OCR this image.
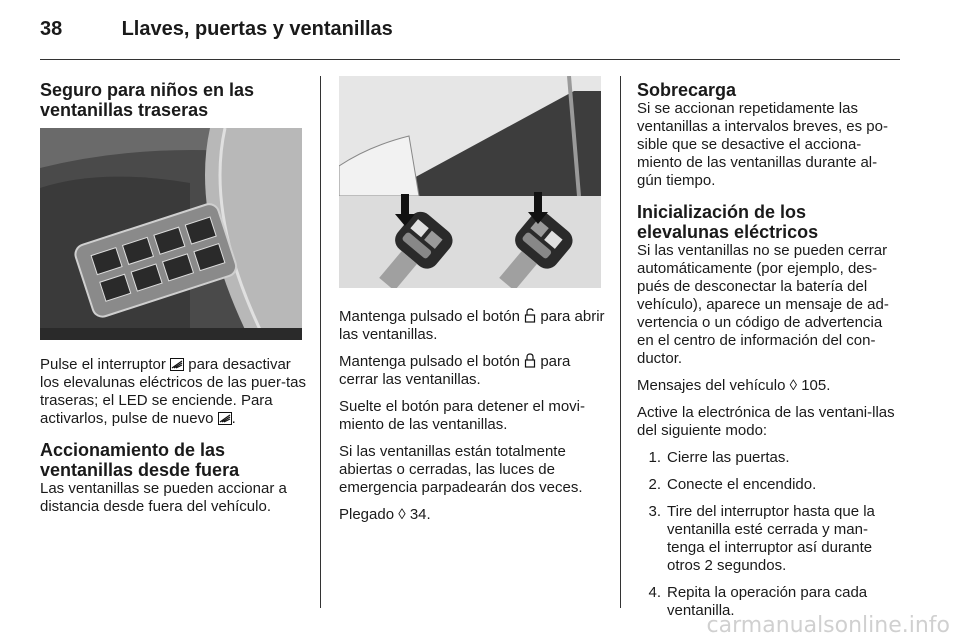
38	Llaves, puertas y ventanillas
Seguro para niños en las ventanillas traseras

Pulse el interruptor para desactivar los elevalunas eléctricos de las puer-tas traseras; el LED se enciende. Para activarlos, pulse de nuevo .

Accionamiento de las ventanillas desde fuera

Las ventanillas se pueden accionar a distancia desde fuera del vehículo.

Mantenga pulsado el botón para abrir las ventanillas.

Mantenga pulsado el botón para cerrar las ventanillas.

Suelte el botón para detener el movi-miento de las ventanillas.

Si las ventanillas están totalmente abiertas o cerradas, las luces de emergencia parpadearán dos veces.

Plegado ◊ 34.

Sobrecarga

Si se accionan repetidamente las ventanillas a intervalos breves, es po-sible que se desactive el acciona-miento de las ventanillas durante al-gún tiempo.

Inicialización de los elevalunas eléctricos

Si las ventanillas no se pueden cerrar automáticamente (por ejemplo, des-pués de desconectar la batería del vehículo), aparece un mensaje de ad-vertencia o un código de advertencia en el centro de información del con-ductor.

Mensajes del vehículo ◊ 105.

Active la electrónica de las ventani-llas del siguiente modo:

1. Cierre las puertas.
2. Conecte el encendido.
3. Tire del interruptor hasta que la ventanilla esté cerrada y man-tenga el interruptor así durante otros 2 segundos.
4. Repita la operación para cada ventanilla.
carmanualsonline.info
